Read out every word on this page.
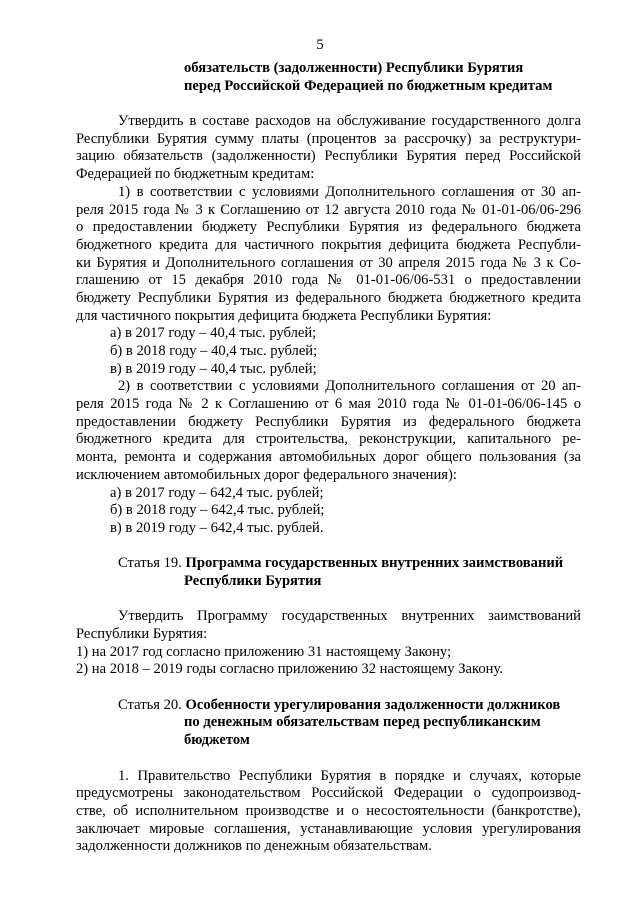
5
обязательств (задолженности) Республики Бурятия
перед Российской Федерацией по бюджетным кредитам
Утвердить в составе расходов на обслуживание государственного долга
Республики Бурятия сумму платы (процентов за рассрочку) за реструктури-
зацию обязательств (задолженности) Республики Бурятия перед Российской
Федерацией по бюджетным кредитам:
1) в соответствии с условиями Дополнительного соглашения от 30 ап-
реля 2015 года № 3 к Соглашению от 12 августа 2010 года № 01-01-06/06-296
о предоставлении бюджету Республики Бурятия из федерального бюджета
бюджетного кредита для частичного покрытия дефицита бюджета Республи-
ки Бурятия и Дополнительного соглашения от 30 апреля 2015 года № 3 к Со-
глашению от 15 декабря 2010 года № 01-01-06/06-531 о предоставлении
бюджету Республики Бурятия из федерального бюджета бюджетного кредита
для частичного покрытия дефицита бюджета Республики Бурятия:
а) в 2017 году – 40,4 тыс. рублей;
б) в 2018 году – 40,4 тыс. рублей;
в) в 2019 году – 40,4 тыс. рублей;
2) в соответствии с условиями Дополнительного соглашения от 20 ап-
реля 2015 года № 2 к Соглашению от 6 мая 2010 года № 01-01-06/06-145 о
предоставлении бюджету Республики Бурятия из федерального бюджета
бюджетного кредита для строительства, реконструкции, капитального ре-
монта, ремонта и содержания автомобильных дорог общего пользования (за
исключением автомобильных дорог федерального значения):
а) в 2017 году – 642,4 тыс. рублей;
б) в 2018 году – 642,4 тыс. рублей;
в) в 2019 году – 642,4 тыс. рублей.
Статья 19. Программа государственных внутренних заимствований
Республики Бурятия
Утвердить Программу государственных внутренних заимствований
Республики Бурятия:
1) на 2017 год согласно приложению 31 настоящему Закону;
2) на 2018 – 2019 годы согласно приложению 32 настоящему Закону.
Статья 20. Особенности урегулирования задолженности должников
по денежным обязательствам перед республиканским
бюджетом
1. Правительство Республики Бурятия в порядке и случаях, которые
предусмотрены законодательством Российской Федерации о судопроизвод-
стве, об исполнительном производстве и о несостоятельности (банкротстве),
заключает мировые соглашения, устанавливающие условия урегулирования
задолженности должников по денежным обязательствам.
